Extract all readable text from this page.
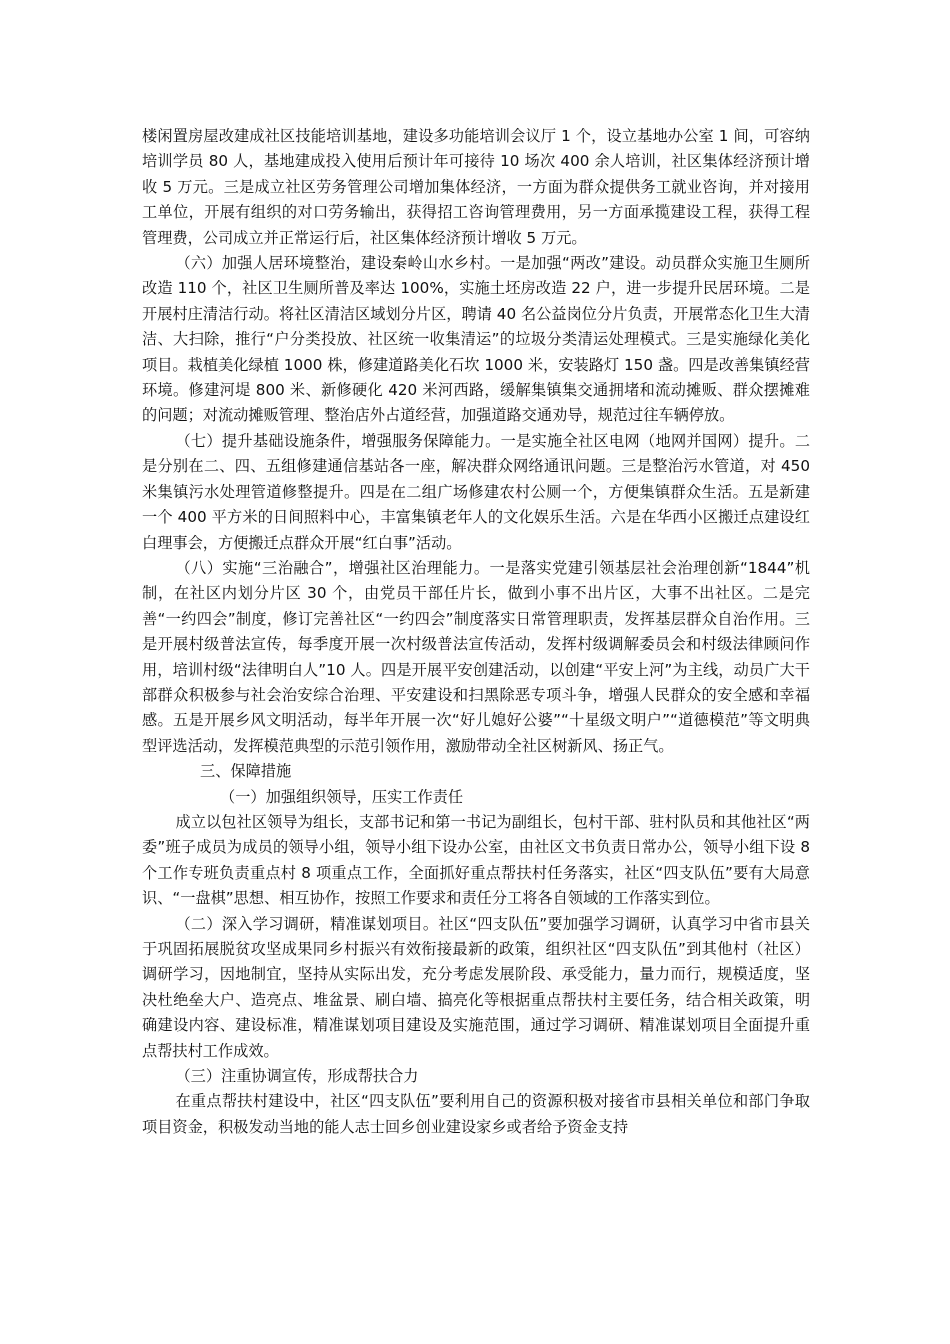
楼闲置房屋改建成社区技能培训基地，建设多功能培训会议厅 1 个，设立基地办公室 1 间，可容纳培训学员 80 人，基地建成投入使用后预计年可接待 10 场次 400 余人培训，社区集体经济预计增收 5 万元。三是成立社区劳务管理公司增加集体经济，一方面为群众提供务工就业咨询，并对接用工单位，开展有组织的对口劳务输出，获得招工咨询管理费用，另一方面承揽建设工程，获得工程管理费，公司成立并正常运行后，社区集体经济预计增收 5 万元。

（六）加强人居环境整治，建设秦岭山水乡村。一是加强“两改”建设。动员群众实施卫生厕所改造 110 个，社区卫生厕所普及率达 100%，实施土坯房改造 22 户，进一步提升民居环境。二是开展村庄清洁行动。将社区清洁区域划分片区，聘请 40 名公益岗位分片负责，开展常态化卫生大清洁、大扫除，推行“户分类投放、社区统一收集清运”的垃圾分类清运处理模式。三是实施绿化美化项目。栽植美化绿植 1000 株，修建道路美化石坎 1000 米，安装路灯 150 盏。四是改善集镇经营环境。修建河堤 800 米、新修硬化 420 米河西路，缓解集镇集交通拥堵和流动摊贩、群众摆摊难的问题；对流动摊贩管理、整治店外占道经营，加强道路交通劝导，规范过往车辆停放。

（七）提升基础设施条件，增强服务保障能力。一是实施全社区电网（地网并国网）提升。二是分别在二、四、五组修建通信基站各一座，解决群众网络通讯问题。三是整治污水管道，对 450 米集镇污水处理管道修整提升。四是在二组广场修建农村公厕一个，方便集镇群众生活。五是新建一个 400 平方米的日间照料中心，丰富集镇老年人的文化娱乐生活。六是在华西小区搬迁点建设红白理事会，方便搬迁点群众开展“红白事”活动。

（八）实施“三治融合”，增强社区治理能力。一是落实党建引领基层社会治理创新“1844”机制，在社区内划分片区 30 个，由党员干部任片长，做到小事不出片区，大事不出社区。二是完善“一约四会”制度，修订完善社区“一约四会”制度落实日常管理职责，发挥基层群众自治作用。三是开展村级普法宣传，每季度开展一次村级普法宣传活动，发挥村级调解委员会和村级法律顾问作用，培训村级“法律明白人”10 人。四是开展平安创建活动，以创建“平安上河”为主线，动员广大干部群众积极参与社会治安综合治理、平安建设和扫黑除恶专项斗争，增强人民群众的安全感和幸福感。五是开展乡风文明活动，每半年开展一次“好儿媳好公婆”“十星级文明户”“道德模范”等文明典型评选活动，发挥模范典型的示范引领作用，激励带动全社区树新风、扬正气。

三、保障措施

（一）加强组织领导，压实工作责任

成立以包社区领导为组长，支部书记和第一书记为副组长，包村干部、驻村队员和其他社区“两委”班子成员为成员的领导小组，领导小组下设办公室，由社区文书负责日常办公，领导小组下设 8 个工作专班负责重点村 8 项重点工作，全面抓好重点帮扶村任务落实，社区“四支队伍”要有大局意识、“一盘棋”思想、相互协作，按照工作要求和责任分工将各自领域的工作落实到位。

（二）深入学习调研，精准谋划项目。社区“四支队伍”要加强学习调研，认真学习中省市县关于巩固拓展脱贫攻坚成果同乡村振兴有效衔接最新的政策，组织社区“四支队伍”到其他村（社区）调研学习，因地制宜，坚持从实际出发，充分考虑发展阶段、承受能力，量力而行，规模适度，坚决杜绝垒大户、造亮点、堆盆景、刷白墙、搞亮化等根据重点帮扶村主要任务，结合相关政策，明确建设内容、建设标准，精准谋划项目建设及实施范围，通过学习调研、精准谋划项目全面提升重点帮扶村工作成效。

（三）注重协调宣传，形成帮扶合力

在重点帮扶村建设中，社区“四支队伍”要利用自己的资源积极对接省市县相关单位和部门争取项目资金，积极发动当地的能人志士回乡创业建设家乡或者给予资金支持
